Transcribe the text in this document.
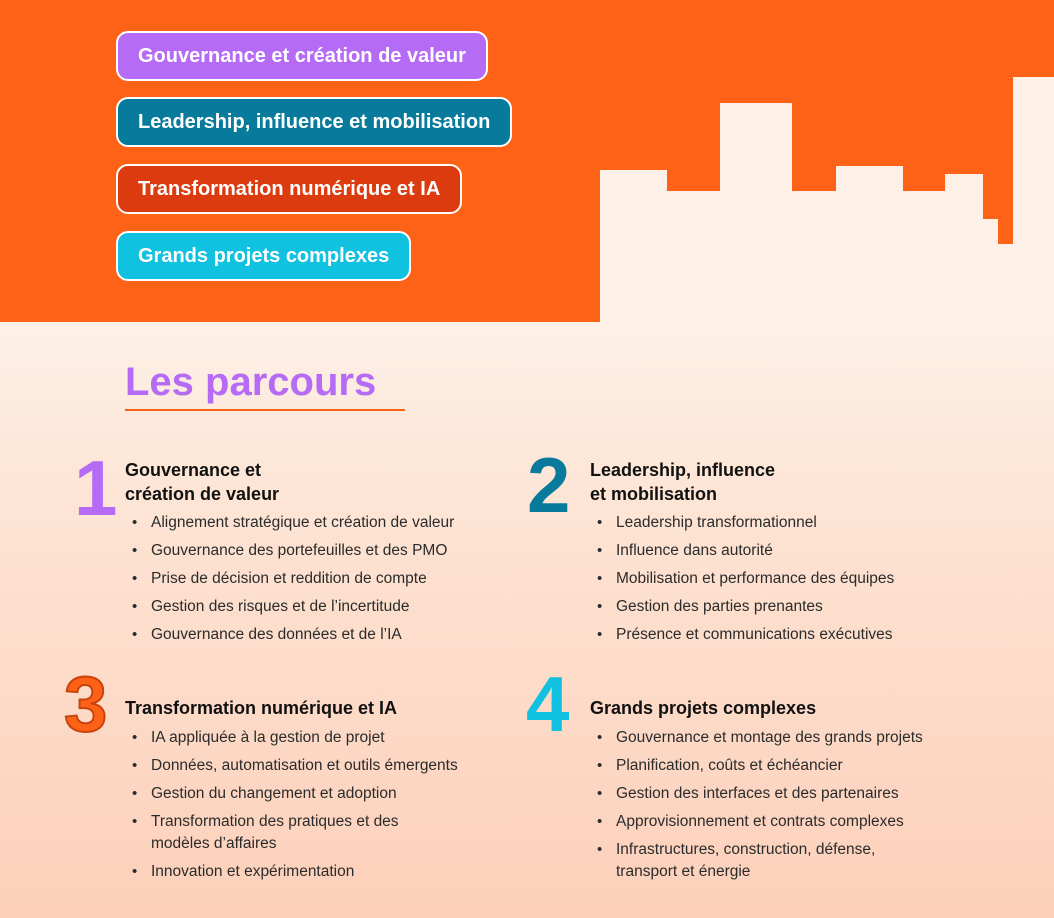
Gouvernance et création de valeur
Leadership, influence et mobilisation
Transformation numérique et IA
Grands projets complexes
Les parcours
1 Gouvernance et
création de valeur
• Alignement stratégique et création de valeur
• Gouvernance des portefeuilles et des PMO
• Prise de décision et reddition de compte
• Gestion des risques et de l’incertitude
• Gouvernance des données et de l’IA
2 Leadership, influence
et mobilisation
• Leadership transformationnel
• Influence dans autorité
• Mobilisation et performance des équipes
• Gestion des parties prenantes
• Présence et communications exécutives
3 Transformation numérique et IA
• IA appliquée à la gestion de projet
• Données, automatisation et outils émergents
• Gestion du changement et adoption
• Transformation des pratiques et des
modèles d’affaires
• Innovation et expérimentation
4 Grands projets complexes
• Gouvernance et montage des grands projets
• Planification, coûts et échéancier
• Gestion des interfaces et des partenaires
• Approvisionnement et contrats complexes
• Infrastructures, construction, défense,
transport et énergie
